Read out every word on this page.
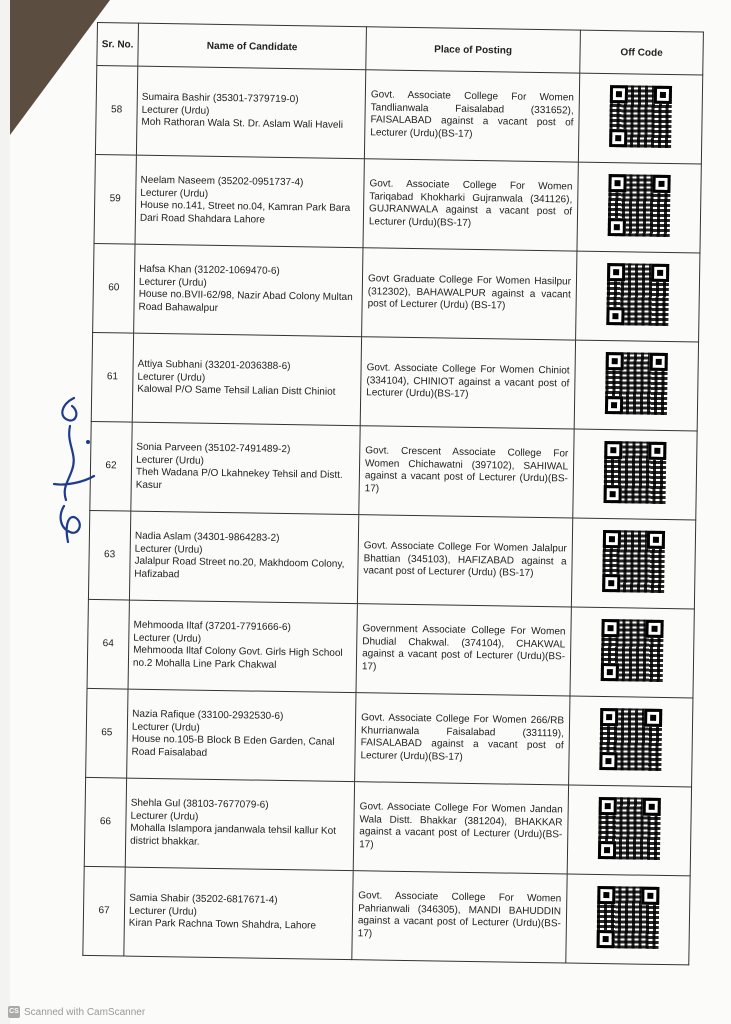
Sr. No.	Name of Candidate	Place of Posting	Off Code
58	Sumaira Bashir (35301-7379719-0)
Lecturer (Urdu)
Moh Rathoran Wala St. Dr. Aslam Wali Haveli	Govt. Associate College For Women Tandlianwala Faisalabad (331652), FAISALABAD against a vacant post of Lecturer (Urdu)(BS-17)	

59	Neelam Naseem (35202-0951737-4)
Lecturer (Urdu)
House no.141, Street no.04, Kamran Park Bara Dari Road Shahdara Lahore	Govt. Associate College For Women Tariqabad Khokharki Gujranwala (341126), GUJRANWALA against a vacant post of Lecturer (Urdu)(BS-17)	

60	Hafsa Khan (31202-1069470-6)
Lecturer (Urdu)
House no.BVII-62/98, Nazir Abad Colony Multan Road Bahawalpur	Govt Graduate College For Women Hasilpur (312302), BAHAWALPUR against a vacant post of Lecturer (Urdu) (BS-17)	

61	Attiya Subhani (33201-2036388-6)
Lecturer (Urdu)
Kalowal P/O Same Tehsil Lalian Distt Chiniot	Govt. Associate College For Women Chiniot (334104), CHINIOT against a vacant post of Lecturer (Urdu)(BS-17)	

62	Sonia Parveen (35102-7491489-2)
Lecturer (Urdu)
Theh Wadana P/O Lkahnekey Tehsil and Distt. Kasur	Govt. Crescent Associate College For Women Chichawatni (397102), SAHIWAL against a vacant post of Lecturer (Urdu)(BS-17)	

63	Nadia Aslam (34301-9864283-2)
Lecturer (Urdu)
Jalalpur Road Street no.20, Makhdoom Colony, Hafizabad	Govt. Associate College For Women Jalalpur Bhattian (345103), HAFIZABAD against a vacant post of Lecturer (Urdu) (BS-17)	

64	Mehmooda Iltaf (37201-7791666-6)
Lecturer (Urdu)
Mehmooda Iltaf Colony Govt. Girls High School no.2 Mohalla Line Park Chakwal	Government Associate College For Women Dhudial Chakwal. (374104), CHAKWAL against a vacant post of Lecturer (Urdu)(BS-17)	

65	Nazia Rafique (33100-2932530-6)
Lecturer (Urdu)
House no.105-B Block B Eden Garden, Canal Road Faisalabad	Govt. Associate College For Women 266/RB Khurrianwala Faisalabad (331119), FAISALABAD against a vacant post of Lecturer (Urdu)(BS-17)	

66	Shehla Gul (38103-7677079-6)
Lecturer (Urdu)
Mohalla Islampora jandanwala tehsil kallur Kot district bhakkar.	Govt. Associate College For Women Jandan Wala Distt. Bhakkar (381204), BHAKKAR against a vacant post of Lecturer (Urdu)(BS-17)	

67	Samia Shabir (35202-6817671-4)
Lecturer (Urdu)
Kiran Park Rachna Town Shahdra, Lahore	Govt. Associate College For Women Pahrianwali (346305), MANDI BAHUDDIN against a vacant post of Lecturer (Urdu)(BS-17)	
CS Scanned with CamScanner
